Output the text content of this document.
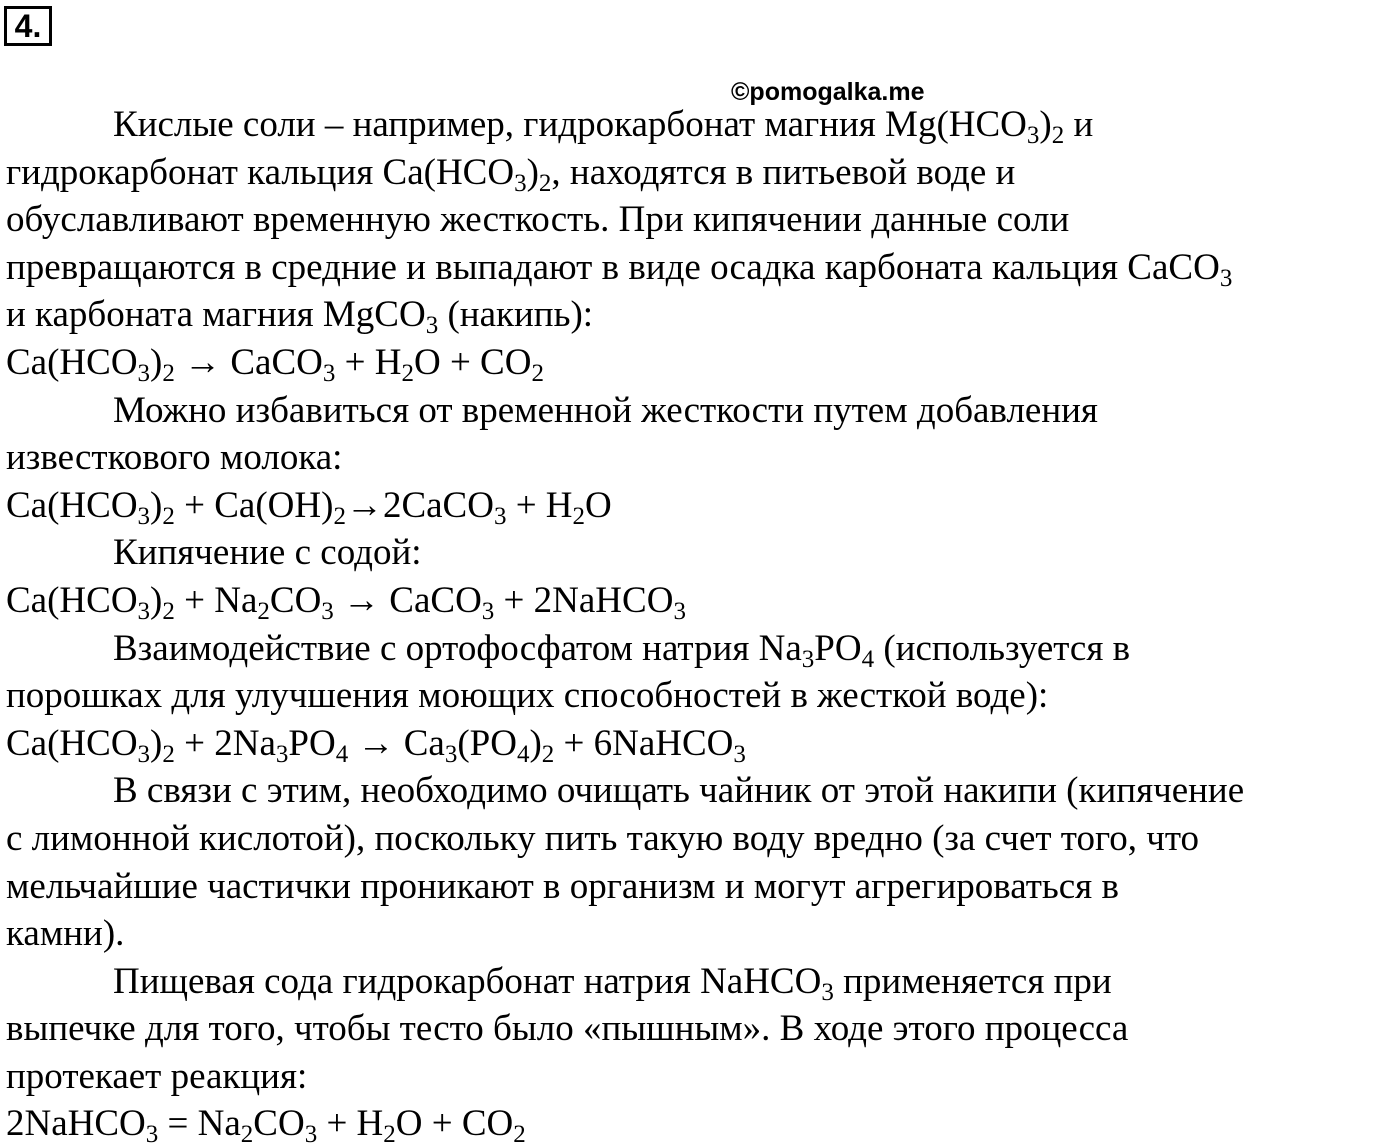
4.
©pomogalka.me
Кислые соли – например, гидрокарбонат магния $Mg(HCO_3)_2$ и
гидрокарбонат кальция $Ca(HCO_3)_2$, находятся в питьевой воде и
обуславливают временную жесткость. При кипячении данные соли
превращаются в средние и выпадают в виде осадка карбоната кальция CaCO$_3$
и карбоната магния MgCO$_3$ (накипь):
$Ca(HCO_3)_2$ → CaCO$_3$ + $H_2O + CO_2$
Можно избавиться от временной жесткости путем добавления
известкового молока:
$Ca(HCO_3)_2$ + $Ca(OH)_2\to 2CaCO_3 + H_2O$
Кипячение с содой:
$Ca(HCO_3)_2 + Na_2CO_3$ → CaCO$_3$ + 2NaHCO$_3$
Взаимодействие с ортофосфатом натрия $Na_3PO_4$ (используется в
порошках для улучшения моющих способностей в жесткой воде):
$Ca(HCO_3)_2 + 2Na_3PO_4 \to Ca_3(PO_4)_2$ + 6NaHCO$_3$
В связи с этим, необходимо очищать чайник от этой накипи (кипячение
с лимонной кислотой), поскольку пить такую воду вредно (за счет того, что
мельчайшие частички проникают в организм и могут агрегироваться в
камни).
Пищевая сода гидрокарбонат натрия NaHCO$_3$ применяется при
выпечке для того, чтобы тесто было «пышным». В ходе этого процесса
протекает реакция:
2NaHCO$_3$ = $Na_2CO_3 + H_2O + CO_2$
